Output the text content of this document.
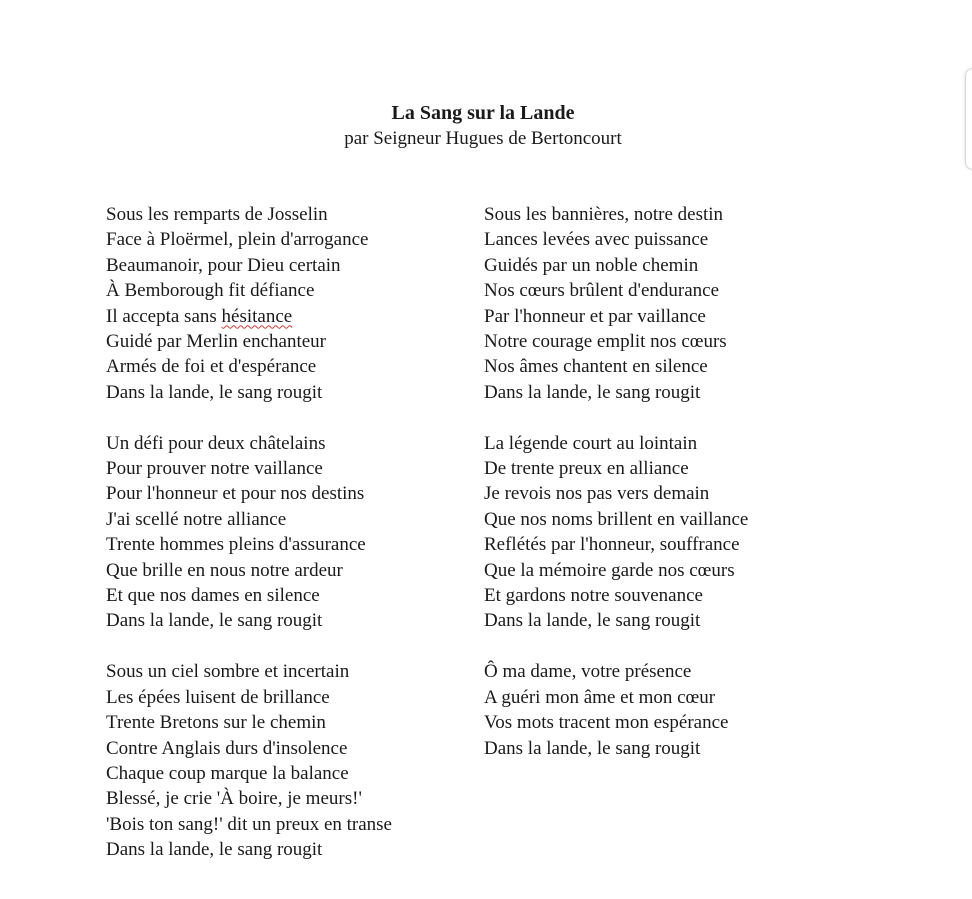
La Sang sur la Lande
par Seigneur Hugues de Bertoncourt
Sous les remparts de Josselin
Face à Ploërmel, plein d'arrogance
Beaumanoir, pour Dieu certain
À Bemborough fit défiance
Il accepta sans hésitance
Guidé par Merlin enchanteur
Armés de foi et d'espérance
Dans la lande, le sang rougit
Un défi pour deux châtelains
Pour prouver notre vaillance
Pour l'honneur et pour nos destins
J'ai scellé notre alliance
Trente hommes pleins d'assurance
Que brille en nous notre ardeur
Et que nos dames en silence
Dans la lande, le sang rougit
Sous un ciel sombre et incertain
Les épées luisent de brillance
Trente Bretons sur le chemin
Contre Anglais durs d'insolence
Chaque coup marque la balance
Blessé, je crie 'À boire, je meurs!'
'Bois ton sang!' dit un preux en transe
Dans la lande, le sang rougit
Sous les bannières, notre destin
Lances levées avec puissance
Guidés par un noble chemin
Nos cœurs brûlent d'endurance
Par l'honneur et par vaillance
Notre courage emplit nos cœurs
Nos âmes chantent en silence
Dans la lande, le sang rougit
La légende court au lointain
De trente preux en alliance
Je revois nos pas vers demain
Que nos noms brillent en vaillance
Reflétés par l'honneur, souffrance
Que la mémoire garde nos cœurs
Et gardons notre souvenance
Dans la lande, le sang rougit
Ô ma dame, votre présence
A guéri mon âme et mon cœur
Vos mots tracent mon espérance
Dans la lande, le sang rougit
